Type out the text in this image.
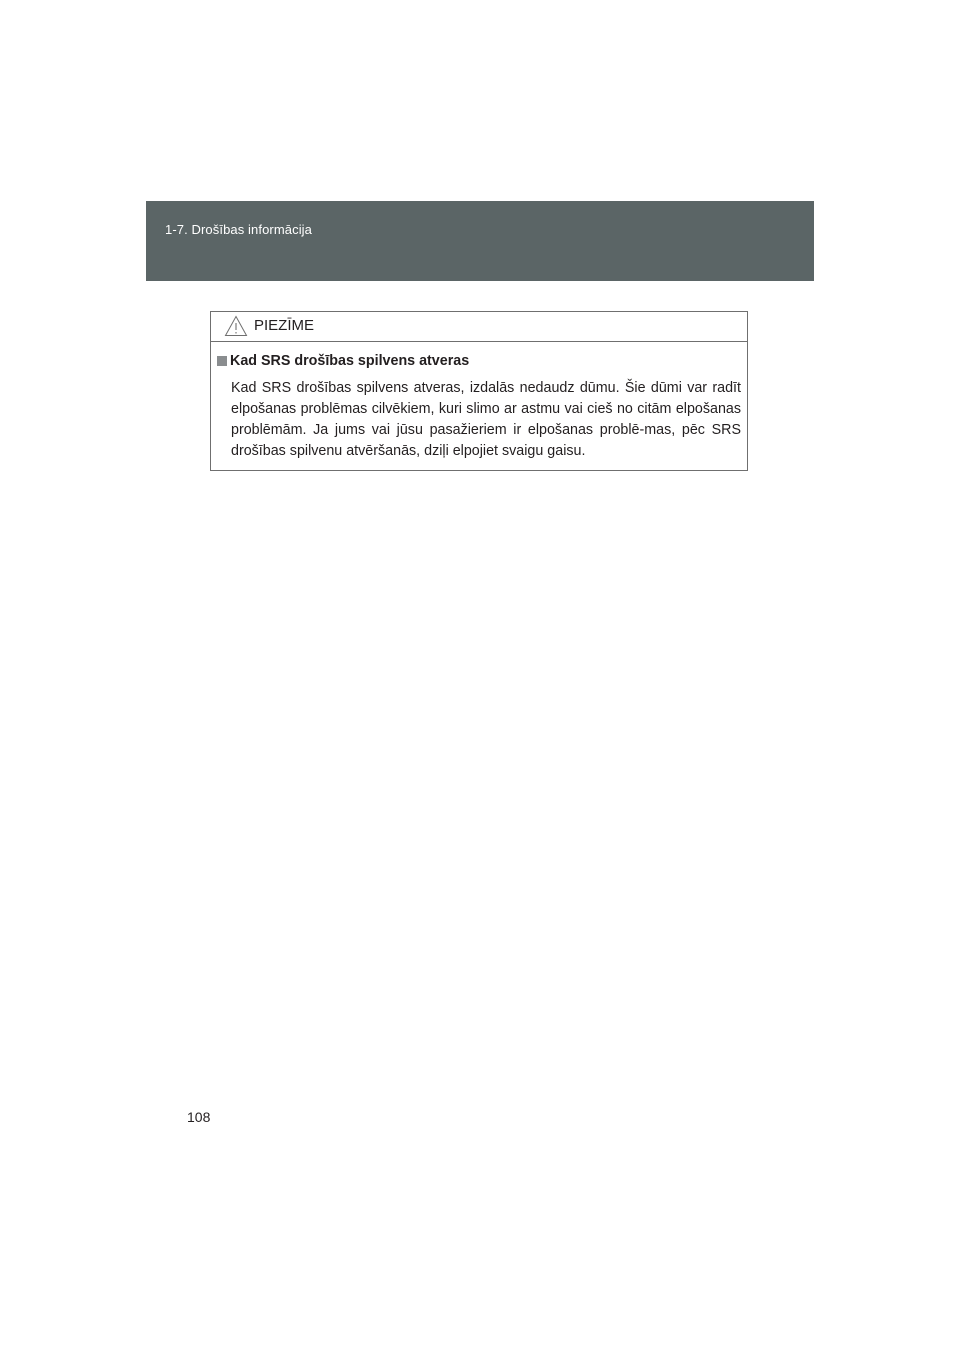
1-7. Drošības informācija
PIEZĪME
Kad SRS drošības spilvens atveras

Kad SRS drošības spilvens atveras, izdalās nedaudz dūmu. Šie dūmi var radīt elpošanas problēmas cilvēkiem, kuri slimo ar astmu vai cieš no citām elpošanas problēmām. Ja jums vai jūsu pasažieriem ir elpošanas problē-mas, pēc SRS drošības spilvenu atvēršanās, dziļi elpojiet svaigu gaisu.

108
